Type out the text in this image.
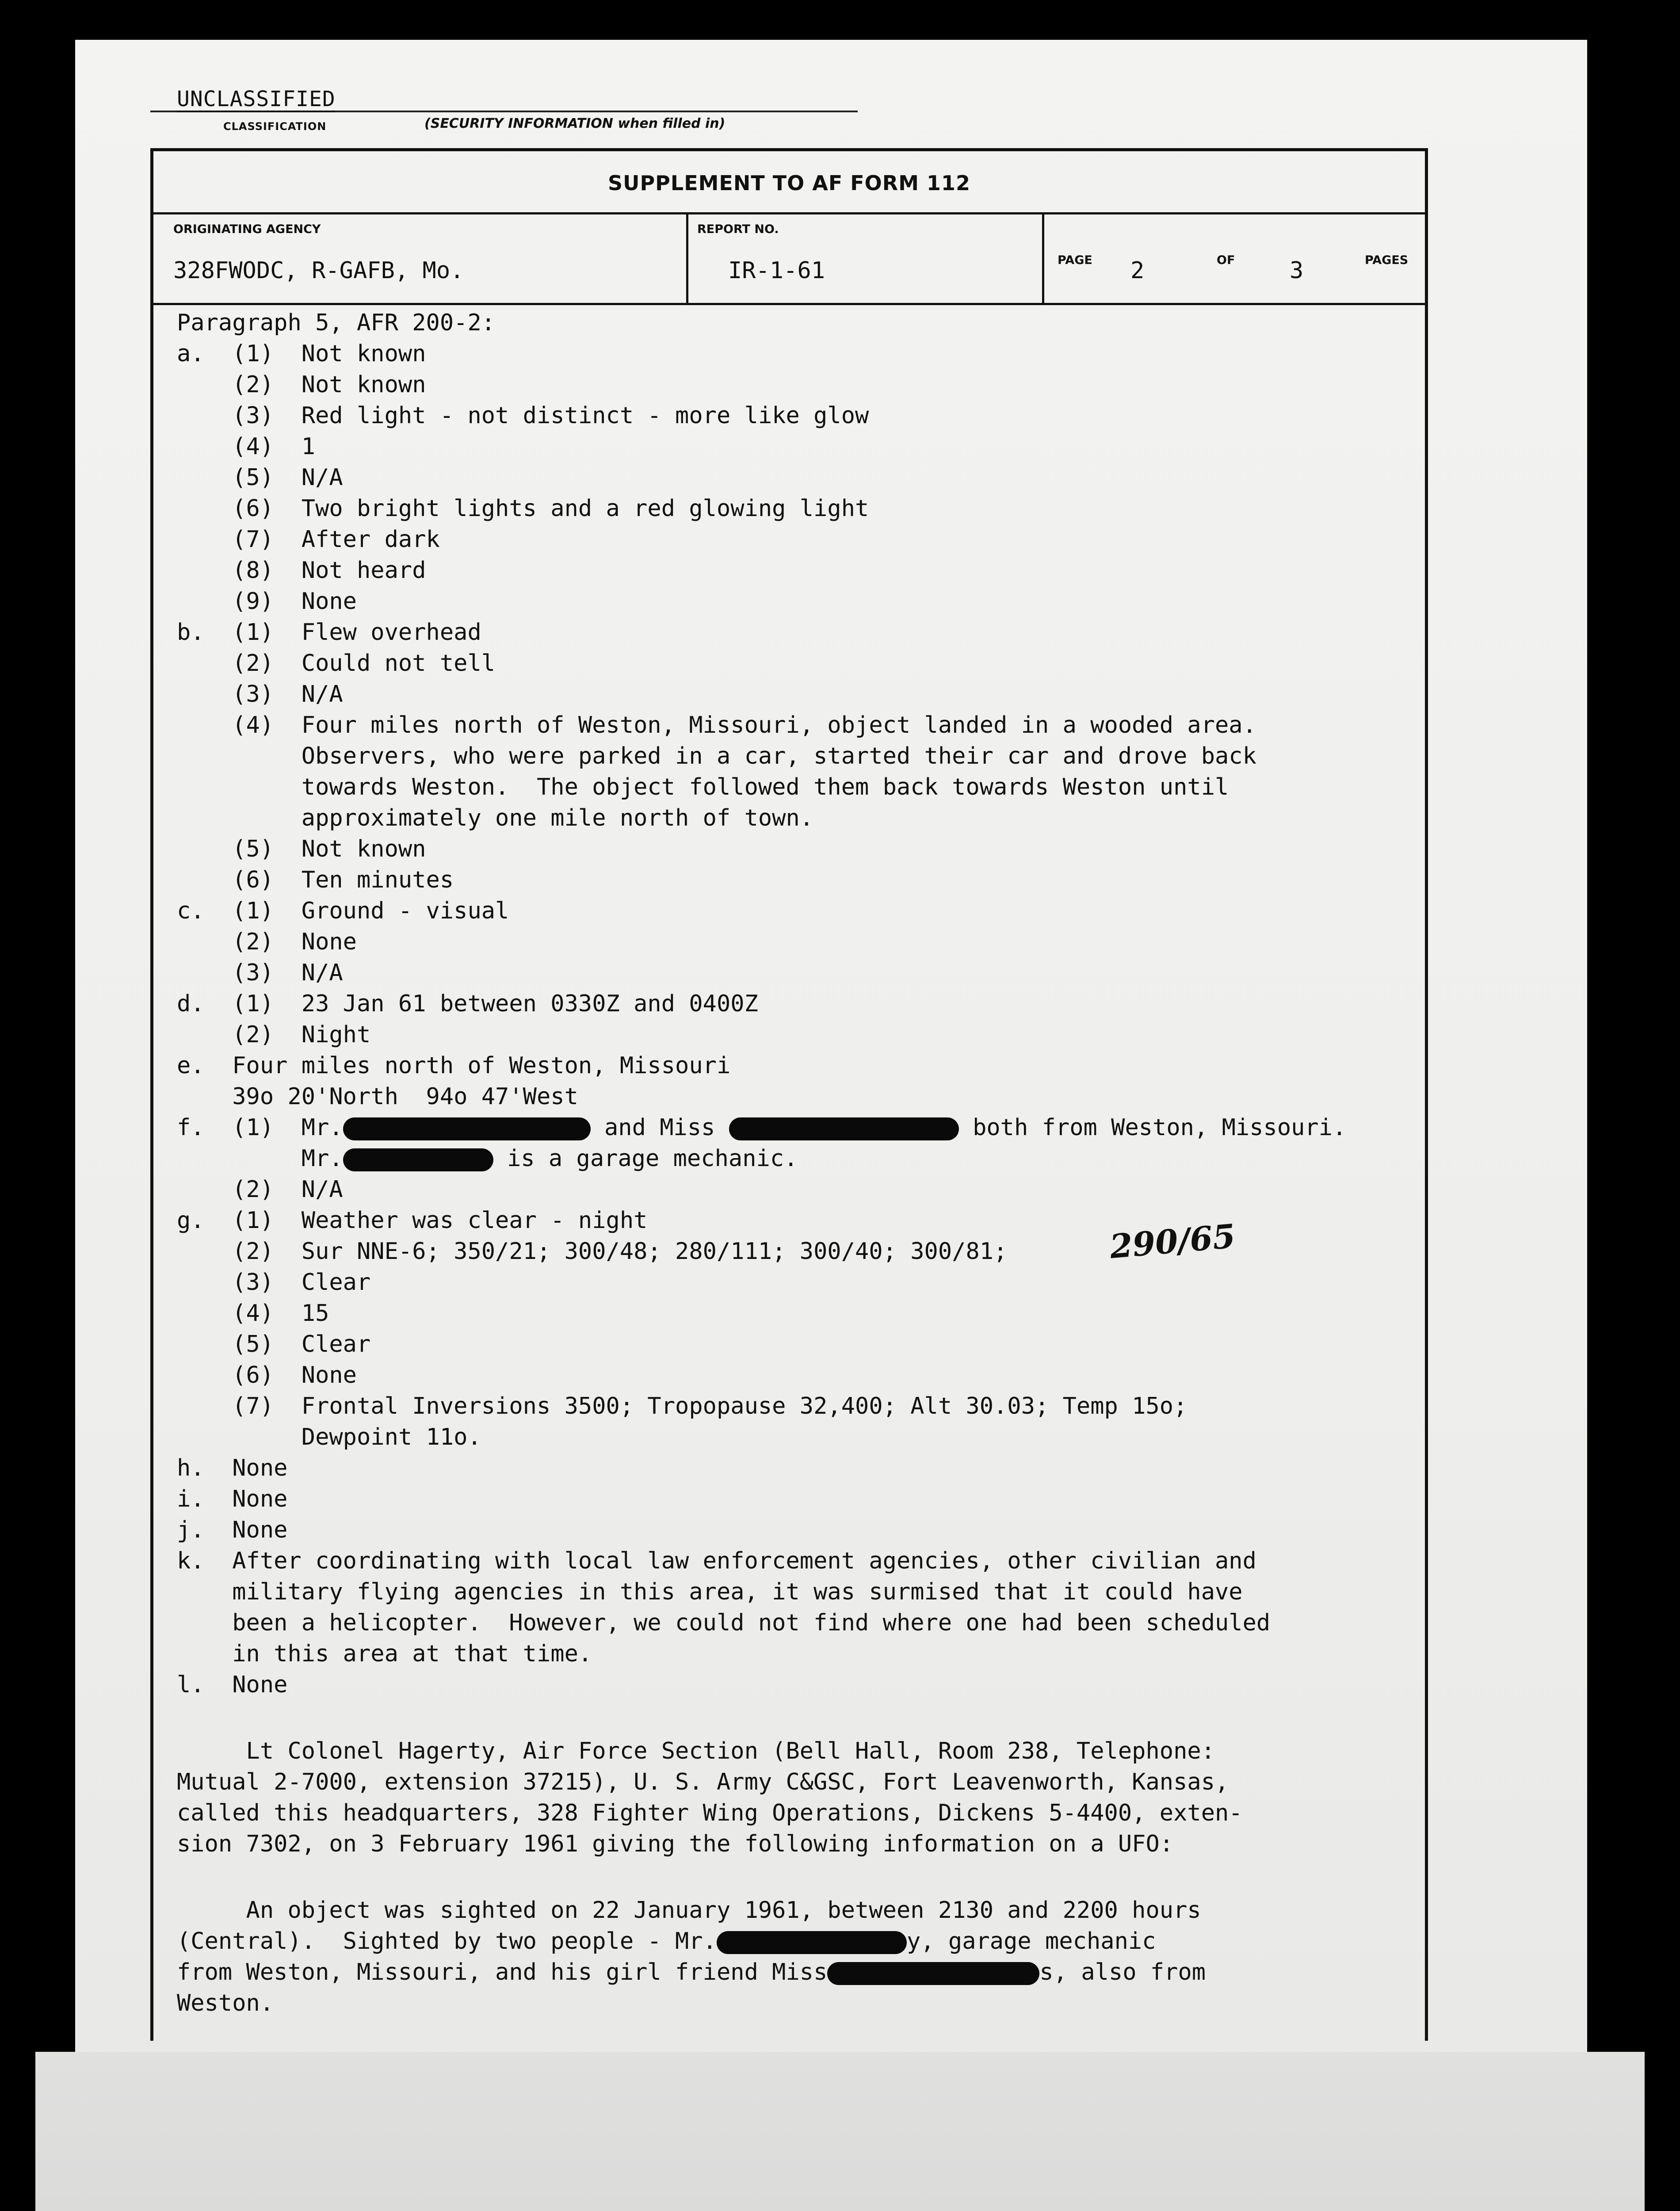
UNCLASSIFIED
CLASSIFICATION	(SECURITY INFORMATION when filled in)
SUPPLEMENT TO AF FORM 112
ORIGINATING AGENCY
328FWODC, R-GAFB, Mo.
REPORT NO.
IR-1-61	PAGE 2	OF 3	PAGES

Paragraph 5, AFR 200-2:

a.  (1)  Not known

(2)  Not known

(3)  Red light - not distinct - more like glow

(4)  1

(5)  N/A

(6)  Two bright lights and a red glowing light

(7)  After dark

(8)  Not heard

(9)  None

b.  (1)  Flew overhead

(2)  Could not tell

(3)  N/A

(4)  Four miles north of Weston, Missouri, object landed in a wooded area.

Observers, who were parked in a car, started their car and drove back

towards Weston.  The object followed them back towards Weston until

approximately one mile north of town.

(5)  Not known

(6)  Ten minutes

c.  (1)  Ground - visual

(2)  None

(3)  N/A

d.  (1)  23 Jan 61 between 0330Z and 0400Z

(2)  Night

e.  Four miles north of Weston, Missouri

39o 20'North  94o 47'West

f.  (1)  Mr.	and Miss	both from Weston, Missouri.

Mr.	is a garage mechanic.

(2)  N/A

g.  (1)  Weather was clear - night

(2)  Sur NNE-6; 350/21; 300/48; 280/111; 300/40; 300/81;

(3)  Clear

(4)  15

(5)  Clear

(6)  None

(7)  Frontal Inversions 3500; Tropopause 32,400; Alt 30.03; Temp 15o;

Dewpoint 11o.

h.  None

i.  None

j.  None

k.  After coordinating with local law enforcement agencies, other civilian and

military flying agencies in this area, it was surmised that it could have

been a helicopter.  However, we could not find where one had been scheduled

in this area at that time.

l.  None

Lt Colonel Hagerty, Air Force Section (Bell Hall, Room 238, Telephone:

Mutual 2-7000, extension 37215), U. S. Army C&GSC, Fort Leavenworth, Kansas,

called this headquarters, 328 Fighter Wing Operations, Dickens 5-4400, exten-

sion 7302, on 3 February 1961 giving the following information on a UFO:

An object was sighted on 22 January 1961, between 2130 and 2200 hours

(Central).  Sighted by two people - Mr.	y, garage mechanic

from Weston, Missouri, and his girl friend Miss	s, also from

Weston.

290/65
